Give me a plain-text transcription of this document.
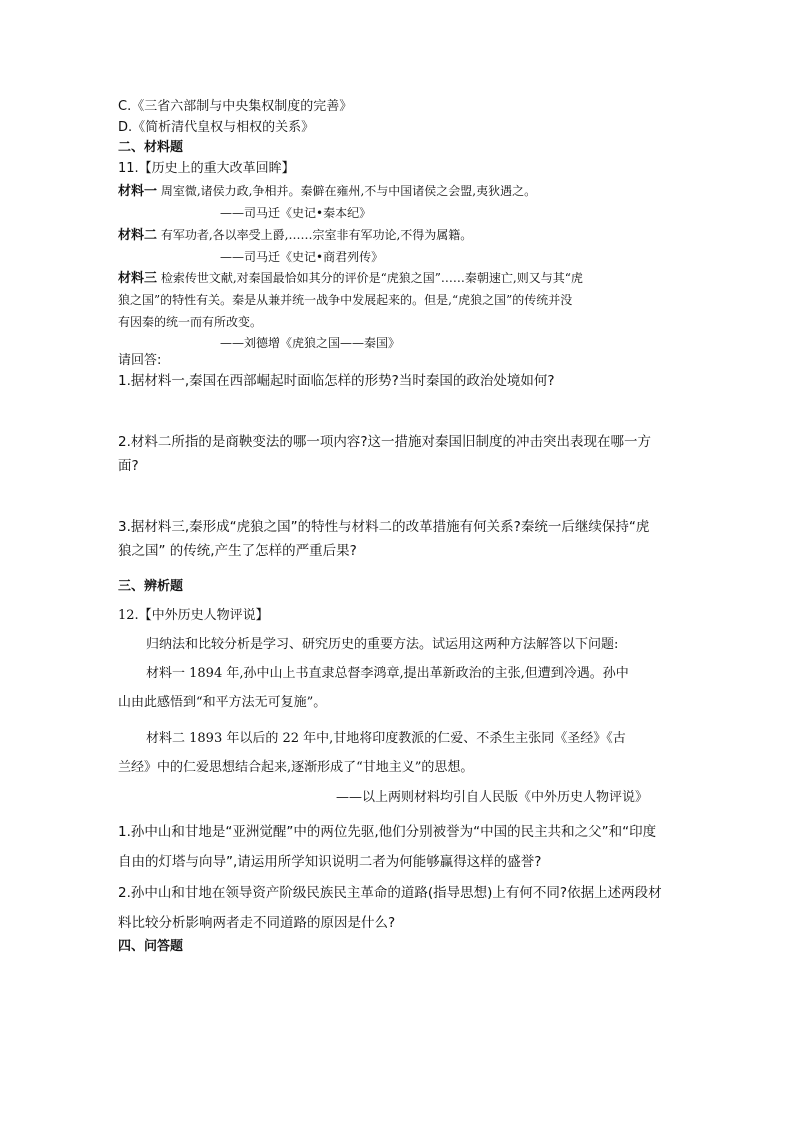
C.《三省六部制与中央集权制度的完善》
D.《简析清代皇权与相权的关系》
二、材料题
11.【历史上的重大改革回眸】
材料一 周室微,诸侯力政,争相并。秦僻在雍州,不与中国诸侯之会盟,夷狄遇之。
——司马迁《史记•秦本纪》
材料二 有军功者,各以率受上爵,……宗室非有军功论,不得为属籍。
——司马迁《史记•商君列传》
材料三 检索传世文献,对秦国最恰如其分的评价是“虎狼之国”……秦朝速亡,则又与其“虎
狼之国”的特性有关。秦是从兼并统一战争中发展起来的。但是,“虎狼之国”的传统并没
有因秦的统一而有所改变。
——刘德增《虎狼之国——秦国》
请回答:
1.据材料一,秦国在西部崛起时面临怎样的形势?当时秦国的政治处境如何?
2.材料二所指的是商鞅变法的哪一项内容?这一措施对秦国旧制度的冲击突出表现在哪一方
面?
3.据材料三,秦形成“虎狼之国”的特性与材料二的改革措施有何关系?秦统一后继续保持“虎
狼之国” 的传统,产生了怎样的严重后果?
三、辨析题
12.【中外历史人物评说】
归纳法和比较分析是学习、研究历史的重要方法。试运用这两种方法解答以下问题:
材料一 1894 年,孙中山上书直隶总督李鸿章,提出革新政治的主张,但遭到冷遇。孙中
山由此感悟到“和平方法无可复施”。
材料二 1893 年以后的 22 年中,甘地将印度教派的仁爱、不杀生主张同《圣经》《古
兰经》中的仁爱思想结合起来,逐渐形成了“甘地主义”的思想。
——以上两则材料均引自人民版《中外历史人物评说》
1.孙中山和甘地是“亚洲觉醒”中的两位先驱,他们分别被誉为“中国的民主共和之父”和“印度
自由的灯塔与向导”,请运用所学知识说明二者为何能够赢得这样的盛誉?
2.孙中山和甘地在领导资产阶级民族民主革命的道路(指导思想)上有何不同?依据上述两段材
料比较分析影响两者走不同道路的原因是什么?
四、问答题
